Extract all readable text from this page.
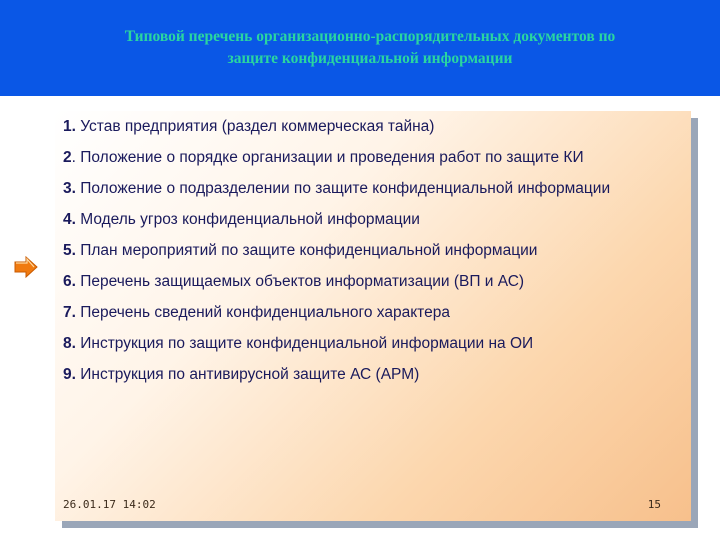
Типовой перечень организационно-распорядительных документов по
защите конфиденциальной информации
1. Устав предприятия (раздел коммерческая тайна)
2. Положение о порядке организации и проведения работ по защите КИ
3. Положение о подразделении по защите конфиденциальной информации
4. Модель угроз конфиденциальной информации
5. План мероприятий по защите конфиденциальной информации
6. Перечень защищаемых объектов информатизации (ВП и АС)
7. Перечень сведений конфиденциального характера
8. Инструкция по защите конфиденциальной информации на ОИ
9. Инструкция по антивирусной защите АС (АРМ)
26.01.17 14:02	15
